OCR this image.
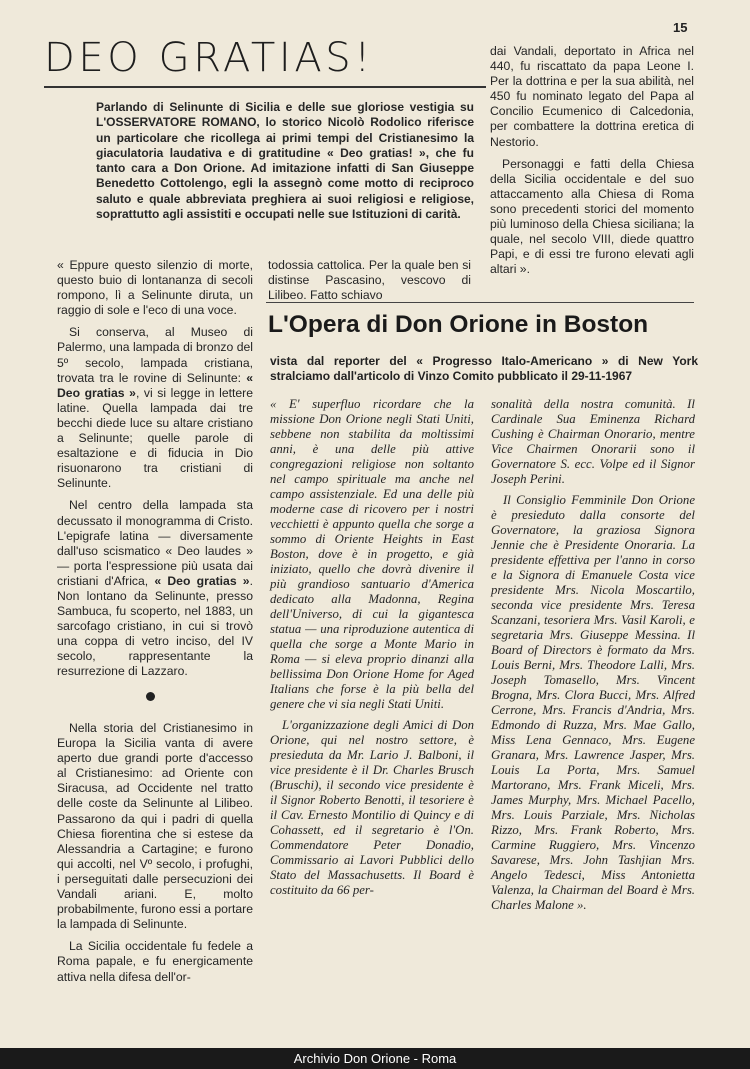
15
DEO GRATIAS!
Parlando di Selinunte di Sicilia e delle sue gloriose vestigia su L'OSSERVATORE ROMANO, lo storico Nicolò Rodolico riferisce un particolare che ricollega ai primi tempi del Cristianesimo la giaculatoria laudativa e di gratitudine « Deo gratias! », che fu tanto cara a Don Orione. Ad imitazione infatti di San Giuseppe Benedetto Cottolengo, egli la assegnò come motto di reciproco saluto e quale abbreviata preghiera ai suoi religiosi e religiose, soprattutto agli assistiti e occupati nelle sue Istituzioni di carità.

dai Vandali, deportato in Africa nel 440, fu riscattato da papa Leone I. Per la dottrina e per la sua abilità, nel 450 fu nominato legato del Papa al Concilio Ecumenico di Calcedonia, per combattere la dottrina eretica di Nestorio.

Personaggi e fatti della Chiesa della Sicilia occidentale e del suo attaccamento alla Chiesa di Roma sono precedenti storici del momento più luminoso della Chiesa siciliana; la quale, nel secolo VIII, diede quattro Papi, e di essi tre furono elevati agli altari ».

« Eppure questo silenzio di morte, questo buio di lontananza di secoli rompono, lì a Selinunte diruta, un raggio di sole e l'eco di una voce.

Si conserva, al Museo di Palermo, una lampada di bronzo del 5º secolo, lampada cristiana, trovata tra le rovine di Selinunte: « Deo gratias », vi si legge in lettere latine. Quella lampada dai tre becchi diede luce su altare cristiano a Selinunte; quelle parole di esaltazione e di fiducia in Dio risuonarono tra cristiani di Selinunte.

Nel centro della lampada sta decussato il monogramma di Cristo. L'epigrafe latina — diversamente dall'uso scismatico « Deo laudes » — porta l'espressione più usata dai cristiani d'Africa, « Deo gratias ». Non lontano da Selinunte, presso Sambuca, fu scoperto, nel 1883, un sarcofago cristiano, in cui si trovò una coppa di vetro inciso, del IV secolo, rappresentante la resurrezione di Lazzaro.

Nella storia del Cristianesimo in Europa la Sicilia vanta di avere aperto due grandi porte d'accesso al Cristianesimo: ad Oriente con Siracusa, ad Occidente nel tratto delle coste da Selinunte al Lilibeo. Passarono da qui i padri di quella Chiesa fiorentina che si estese da Alessandria a Cartagine; e furono qui accolti, nel Vº secolo, i profughi, i perseguitati dalle persecuzioni dei Vandali ariani. E, molto probabilmente, furono essi a portare la lampada di Selinunte.

La Sicilia occidentale fu fedele a Roma papale, e fu energicamente attiva nella difesa dell'or-

todossia cattolica. Per la quale ben si distinse Pascasino, vescovo di Lilibeo. Fatto schiavo

L'Opera di Don Orione in Boston
vista dal reporter del « Progresso Italo-Americano » di New York stralciamo dall'articolo di Vinzo Comito pubblicato il 29-11-1967

« E' superfluo ricordare che la missione Don Orione negli Stati Uniti, sebbene non stabilita da moltissimi anni, è una delle più attive congregazioni religiose non soltanto nel campo spirituale ma anche nel campo assistenziale. Ed una delle più moderne case di ricovero per i nostri vecchietti è appunto quella che sorge a sommo di Oriente Heights in East Boston, dove è in progetto, e già iniziato, quello che dovrà divenire il più grandioso santuario d'America dedicato alla Madonna, Regina dell'Universo, di cui la gigantesca statua — una riproduzione autentica di quella che sorge a Monte Mario in Roma — si eleva proprio dinanzi alla bellissima Don Orione Home for Aged Italians che forse è la più bella del genere che vi sia negli Stati Uniti.

L'organizzazione degli Amici di Don Orione, qui nel nostro settore, è presieduta da Mr. Lario J. Balboni, il vice presidente è il Dr. Charles Brusch (Bruschi), il secondo vice presidente è il Signor Roberto Benotti, il tesoriere è il Cav. Ernesto Montilio di Quincy e di Cohassett, ed il segretario è l'On. Commendatore Peter Donadio, Commissario ai Lavori Pubblici dello Stato del Massachusetts. Il Board è costituito da 66 per-

sonalità della nostra comunità. Il Cardinale Sua Eminenza Richard Cushing è Chairman Onorario, mentre Vice Chairmen Onorarii sono il Governatore S. ecc. Volpe ed il Signor Joseph Perini.

Il Consiglio Femminile Don Orione è presieduto dalla consorte del Governatore, la graziosa Signora Jennie che è Presidente Onoraria. La presidente effettiva per l'anno in corso e la Signora di Emanuele Costa vice presidente Mrs. Nicola Moscartilo, seconda vice presidente Mrs. Teresa Scanzani, tesoriera Mrs. Vasil Karoli, e segretaria Mrs. Giuseppe Messina. Il Board of Directors è formato da Mrs. Louis Berni, Mrs. Theodore Lalli, Mrs. Joseph Tomasello, Mrs. Vincent Brogna, Mrs. Clora Bucci, Mrs. Alfred Cerrone, Mrs. Francis d'Andria, Mrs. Edmondo di Ruzza, Mrs. Mae Gallo, Miss Lena Gennaco, Mrs. Eugene Granara, Mrs. Lawrence Jasper, Mrs. Louis La Porta, Mrs. Samuel Martorano, Mrs. Frank Miceli, Mrs. James Murphy, Mrs. Michael Pacello, Mrs. Louis Parziale, Mrs. Nicholas Rizzo, Mrs. Frank Roberto, Mrs. Carmine Ruggiero, Mrs. Vincenzo Savarese, Mrs. John Tashjian Mrs. Angelo Tedesci, Miss Antonietta Valenza, la Chairman del Board è Mrs. Charles Malone ».

Archivio Don Orione - Roma
